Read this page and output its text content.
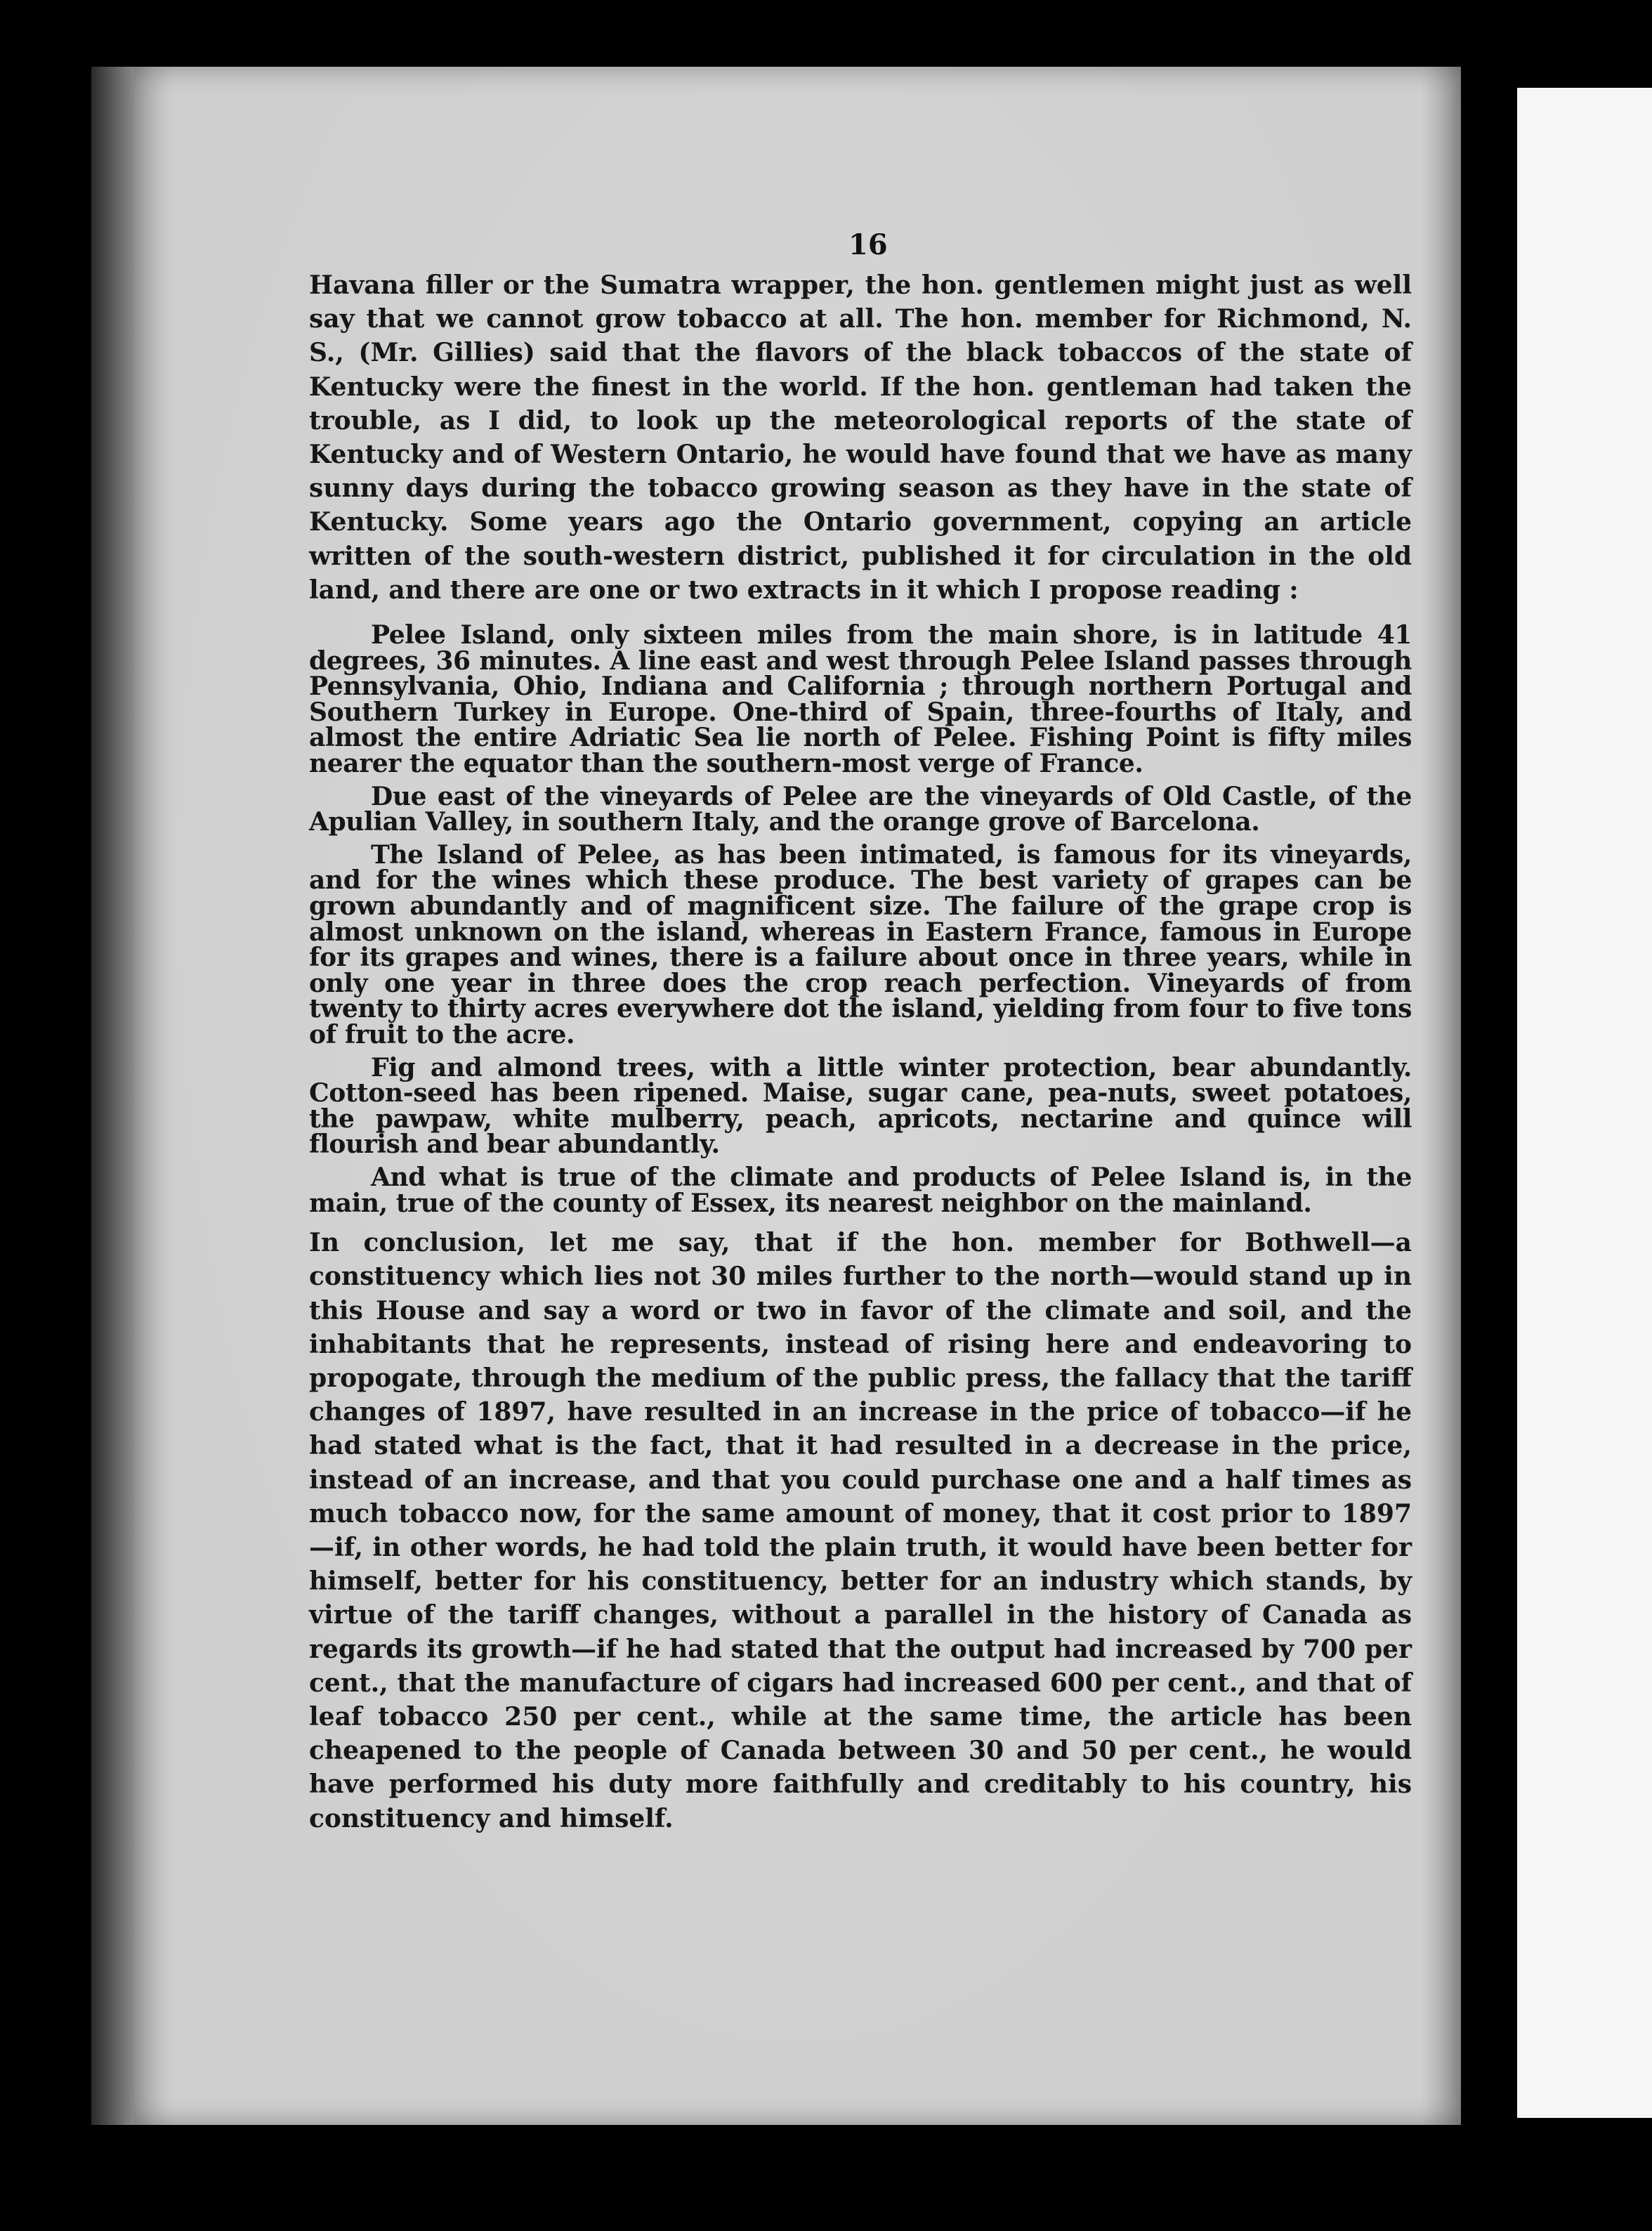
16

Havana filler or the Sumatra wrapper, the hon. gentlemen might just as well say that we cannot grow tobacco at all. The hon. member for Richmond, N. S., (Mr. Gillies) said that the flavors of the black tobaccos of the state of Kentucky were the finest in the world. If the hon. gentleman had taken the trouble, as I did, to look up the meteorological reports of the state of Kentucky and of Western Ontario, he would have found that we have as many sunny days during the tobacco growing season as they have in the state of Kentucky. Some years ago the Ontario government, copying an article written of the south-western district, published it for circulation in the old land, and there are one or two extracts in it which I propose reading :

Pelee Island, only sixteen miles from the main shore, is in latitude 41 degrees, 36 minutes. A line east and west through Pelee Island passes through Pennsylvania, Ohio, Indiana and California ; through northern Portugal and Southern Turkey in Europe. One-third of Spain, three-fourths of Italy, and almost the entire Adriatic Sea lie north of Pelee. Fishing Point is fifty miles nearer the equator than the southern-most verge of France.

Due east of the vineyards of Pelee are the vineyards of Old Castle, of the Apulian Valley, in southern Italy, and the orange grove of Barcelona.

The Island of Pelee, as has been intimated, is famous for its vineyards, and for the wines which these produce. The best variety of grapes can be grown abundantly and of magnificent size. The failure of the grape crop is almost unknown on the island, whereas in Eastern France, famous in Europe for its grapes and wines, there is a failure about once in three years, while in only one year in three does the crop reach perfection. Vineyards of from twenty to thirty acres everywhere dot the island, yielding from four to five tons of fruit to the acre.

Fig and almond trees, with a little winter protection, bear abundantly. Cotton-seed has been ripened. Maise, sugar cane, pea-nuts, sweet potatoes, the pawpaw, white mulberry, peach, apricots, nectarine and quince will flourish and bear abundantly.

And what is true of the climate and products of Pelee Island is, in the main, true of the county of Essex, its nearest neighbor on the mainland.

In conclusion, let me say, that if the hon. member for Bothwell—a constituency which lies not 30 miles further to the north—would stand up in this House and say a word or two in favor of the climate and soil, and the inhabitants that he represents, instead of rising here and endeavoring to propogate, through the medium of the public press, the fallacy that the tariff changes of 1897, have resulted in an increase in the price of tobacco—if he had stated what is the fact, that it had resulted in a decrease in the price, instead of an increase, and that you could purchase one and a half times as much tobacco now, for the same amount of money, that it cost prior to 1897—if, in other words, he had told the plain truth, it would have been better for himself, better for his constituency, better for an industry which stands, by virtue of the tariff changes, without a parallel in the history of Canada as regards its growth—if he had stated that the output had increased by 700 per cent., that the manufacture of cigars had increased 600 per cent., and that of leaf tobacco 250 per cent., while at the same time, the article has been cheapened to the people of Canada between 30 and 50 per cent., he would have performed his duty more faithfully and creditably to his country, his constituency and himself.
